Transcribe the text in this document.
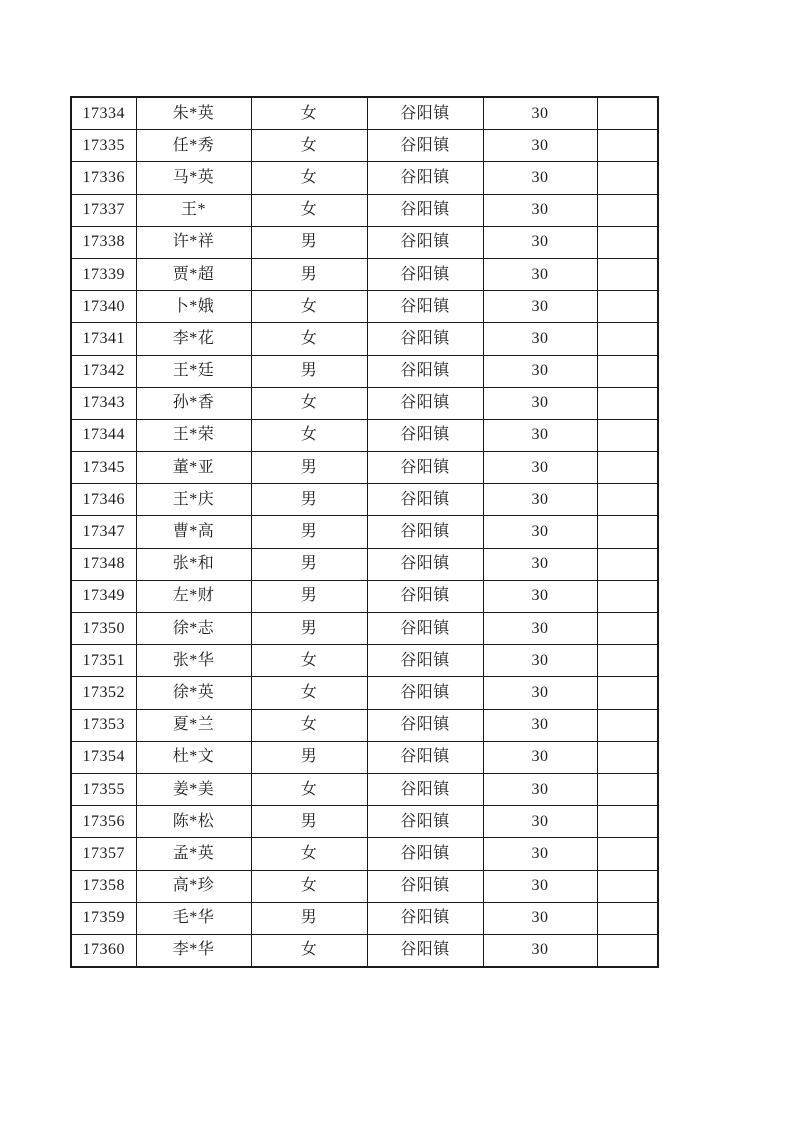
17334	朱*英	女	谷阳镇	30	
17335	任*秀	女	谷阳镇	30	
17336	马*英	女	谷阳镇	30	
17337	王*	女	谷阳镇	30	
17338	许*祥	男	谷阳镇	30	
17339	贾*超	男	谷阳镇	30	
17340	卜*娥	女	谷阳镇	30	
17341	李*花	女	谷阳镇	30	
17342	王*廷	男	谷阳镇	30	
17343	孙*香	女	谷阳镇	30	
17344	王*荣	女	谷阳镇	30	
17345	董*亚	男	谷阳镇	30	
17346	王*庆	男	谷阳镇	30	
17347	曹*高	男	谷阳镇	30	
17348	张*和	男	谷阳镇	30	
17349	左*财	男	谷阳镇	30	
17350	徐*志	男	谷阳镇	30	
17351	张*华	女	谷阳镇	30	
17352	徐*英	女	谷阳镇	30	
17353	夏*兰	女	谷阳镇	30	
17354	杜*文	男	谷阳镇	30	
17355	姜*美	女	谷阳镇	30	
17356	陈*松	男	谷阳镇	30	
17357	孟*英	女	谷阳镇	30	
17358	高*珍	女	谷阳镇	30	
17359	毛*华	男	谷阳镇	30	
17360	李*华	女	谷阳镇	30	
